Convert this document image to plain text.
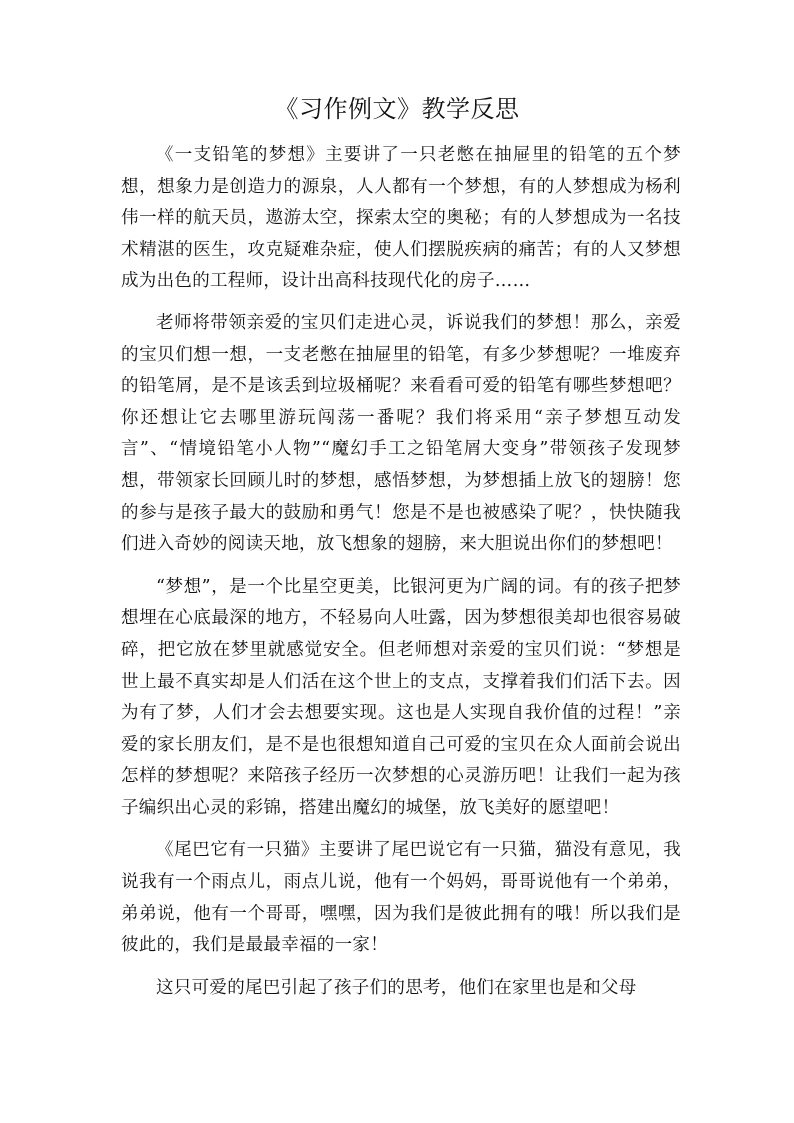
《习作例文》教学反思

《一支铅笔的梦想》主要讲了一只老憋在抽屉里的铅笔的五个梦想，想象力是创造力的源泉，人人都有一个梦想，有的人梦想成为杨利伟一样的航天员，遨游太空，探索太空的奥秘；有的人梦想成为一名技术精湛的医生，攻克疑难杂症，使人们摆脱疾病的痛苦；有的人又梦想成为出色的工程师，设计出高科技现代化的房子……

老师将带领亲爱的宝贝们走进心灵，诉说我们的梦想！那么，亲爱的宝贝们想一想，一支老憋在抽屉里的铅笔，有多少梦想呢？一堆废弃的铅笔屑，是不是该丢到垃圾桶呢？来看看可爱的铅笔有哪些梦想吧？你还想让它去哪里游玩闯荡一番呢？我们将采用“亲子梦想互动发言”、“情境铅笔小人物”“魔幻手工之铅笔屑大变身”带领孩子发现梦想，带领家长回顾儿时的梦想，感悟梦想，为梦想插上放飞的翅膀！您的参与是孩子最大的鼓励和勇气！您是不是也被感染了呢？，快快随我们进入奇妙的阅读天地，放飞想象的翅膀，来大胆说出你们的梦想吧！

“梦想”，是一个比星空更美，比银河更为广阔的词。有的孩子把梦想埋在心底最深的地方，不轻易向人吐露，因为梦想很美却也很容易破碎，把它放在梦里就感觉安全。但老师想对亲爱的宝贝们说：“梦想是世上最不真实却是人们活在这个世上的支点，支撑着我们们活下去。因为有了梦，人们才会去想要实现。这也是人实现自我价值的过程！”亲爱的家长朋友们，是不是也很想知道自己可爱的宝贝在众人面前会说出怎样的梦想呢？来陪孩子经历一次梦想的心灵游历吧！让我们一起为孩子编织出心灵的彩锦，搭建出魔幻的城堡，放飞美好的愿望吧！

《尾巴它有一只猫》主要讲了尾巴说它有一只猫，猫没有意见，我说我有一个雨点儿，雨点儿说，他有一个妈妈，哥哥说他有一个弟弟，弟弟说，他有一个哥哥，嘿嘿，因为我们是彼此拥有的哦！所以我们是彼此的，我们是最最幸福的一家！

这只可爱的尾巴引起了孩子们的思考，他们在家里也是和父母
